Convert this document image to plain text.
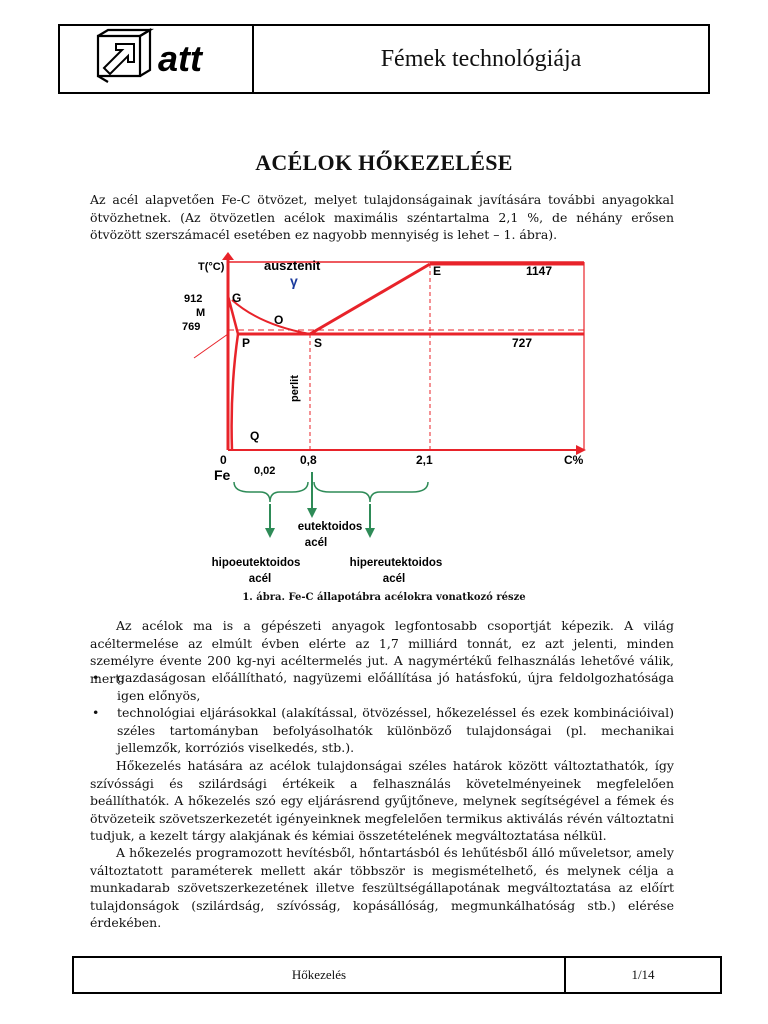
att	Fémek technológiája
ACÉLOK HŐKEZELÉSE

Az acél alapvetően Fe-C ötvözet, melyet tulajdonságainak javítására további anyagokkal ötvözhetnek. (Az ötvözetlen acélok maximális széntartalma 2,1 %, de néhány erősen ötvözött szerszámacél esetében ez nagyobb mennyiség is lehet – 1. ábra).

T(°C)	ausztenit
γ
912 G
M
769	O
P	S
E	1147
727
perlit
Q
C%
0
Fe 0,02
0,8	2,1
eutektoidos
acél
hipoeutektoidos
acél
hipereutektoidos
acél
1. ábra. Fe-C állapotábra acélokra vonatkozó része

Az acélok ma is a gépészeti anyagok legfontosabb csoportját képezik. A világ acéltermelése az elmúlt évben elérte az 1,7 milliárd tonnát, ez azt jelenti, minden személyre évente 200 kg-nyi acéltermelés jut. A nagymértékű felhasználás lehetővé válik, mert:

• gazdaságosan előállítható, nagyüzemi előállítása jó hatásfokú, újra feldolgozhatósága igen előnyös,
• technológiai eljárásokkal (alakítással, ötvözéssel, hőkezeléssel és ezek kombinációival) széles tartományban befolyásolhatók különböző tulajdonságai (pl. mechanikai jellemzők, korróziós viselkedés, stb.).

Hőkezelés hatására az acélok tulajdonságai széles határok között változtathatók, így szívóssági és szilárdsági értékeik a felhasználás követelményeinek megfelelően beállíthatók. A hőkezelés szó egy eljárásrend gyűjtőneve, melynek segítségével a fémek és ötvözeteik szövetszerkezetét igényeinknek megfelelően termikus aktiválás révén változtatni tudjuk, a kezelt tárgy alakjának és kémiai összetételének megváltoztatása nélkül.

A hőkezelés programozott hevítésből, hőntartásból és lehűtésből álló műveletsor, amely változtatott paraméterek mellett akár többször is megismételhető, és melynek célja a munkadarab szövetszerkezetének illetve feszültségállapotának megváltoztatása az előírt tulajdonságok (szilárdság, szívósság, kopásállóság, megmunkálhatóság stb.) elérése érdekében.

Hőkezelés	1/14
